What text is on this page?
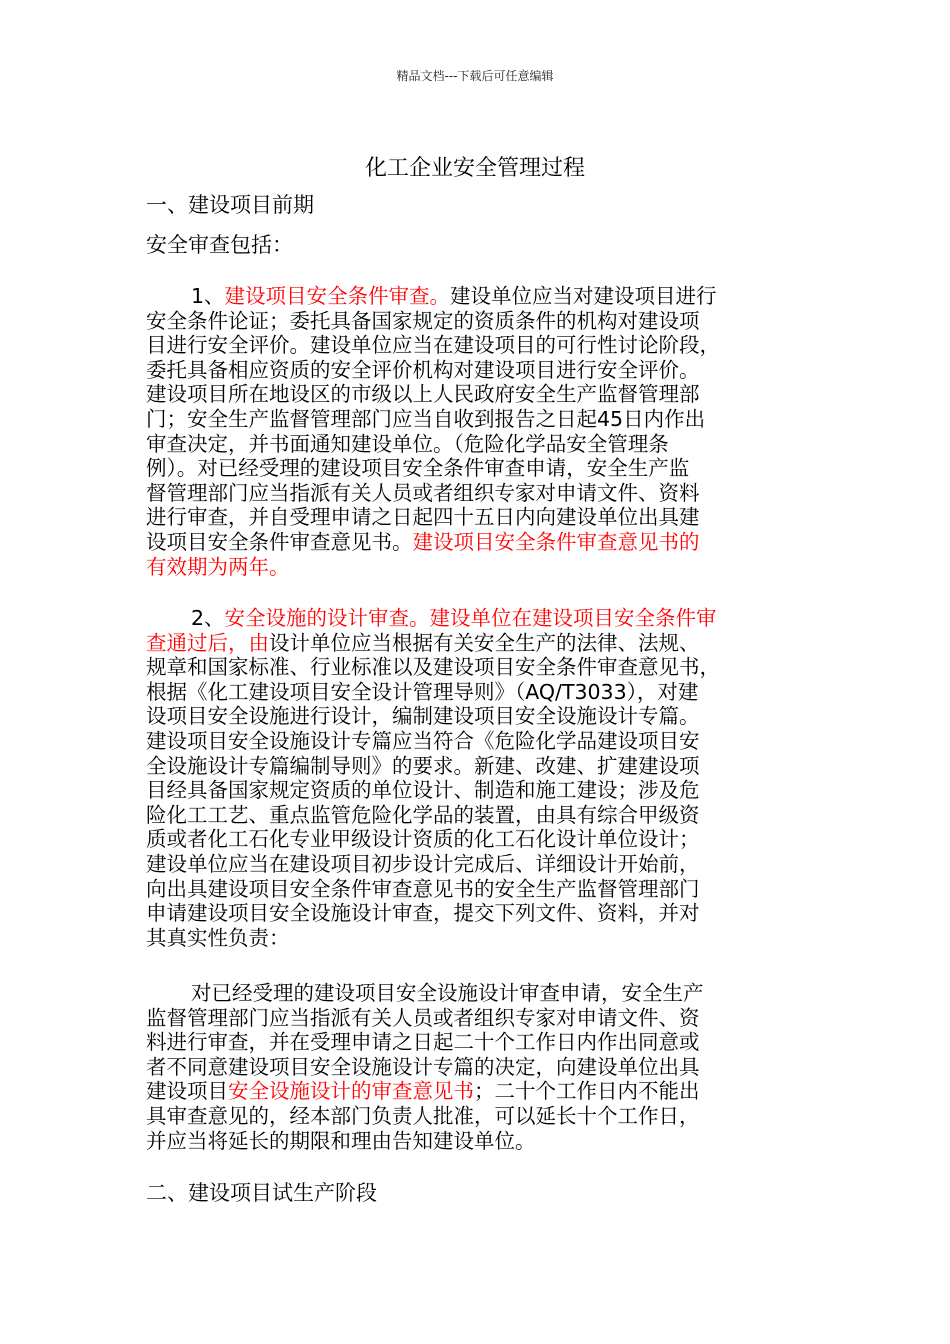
精品文档---下载后可任意编辑
化工企业安全管理过程
一、建设项目前期
安全审查包括：
1、建设项目安全条件审查。建设单位应当对建设项目进行
安全条件论证；委托具备国家规定的资质条件的机构对建设项
目进行安全评价。建设单位应当在建设项目的可行性讨论阶段，
委托具备相应资质的安全评价机构对建设项目进行安全评价。
建设项目所在地设区的市级以上人民政府安全生产监督管理部
门；安全生产监督管理部门应当自收到报告之日起45日内作出
审查决定，并书面通知建设单位。（危险化学品安全管理条
例）。对已经受理的建设项目安全条件审查申请，安全生产监
督管理部门应当指派有关人员或者组织专家对申请文件、资料
进行审查，并自受理申请之日起四十五日内向建设单位出具建
设项目安全条件审查意见书。建设项目安全条件审查意见书的
有效期为两年。
2、安全设施的设计审查。建设单位在建设项目安全条件审
查通过后，由设计单位应当根据有关安全生产的法律、法规、
规章和国家标准、行业标准以及建设项目安全条件审查意见书，
根据《化工建设项目安全设计管理导则》（AQ/T3033），对建
设项目安全设施进行设计，编制建设项目安全设施设计专篇。
建设项目安全设施设计专篇应当符合《危险化学品建设项目安
全设施设计专篇编制导则》的要求。新建、改建、扩建建设项
目经具备国家规定资质的单位设计、制造和施工建设；涉及危
险化工工艺、重点监管危险化学品的装置，由具有综合甲级资
质或者化工石化专业甲级设计资质的化工石化设计单位设计；
建设单位应当在建设项目初步设计完成后、详细设计开始前，
向出具建设项目安全条件审查意见书的安全生产监督管理部门
申请建设项目安全设施设计审查，提交下列文件、资料，并对
其真实性负责：
对已经受理的建设项目安全设施设计审查申请，安全生产
监督管理部门应当指派有关人员或者组织专家对申请文件、资
料进行审查，并在受理申请之日起二十个工作日内作出同意或
者不同意建设项目安全设施设计专篇的决定，向建设单位出具
建设项目安全设施设计的审查意见书；二十个工作日内不能出
具审查意见的，经本部门负责人批准，可以延长十个工作日，
并应当将延长的期限和理由告知建设单位。
二、建设项目试生产阶段
